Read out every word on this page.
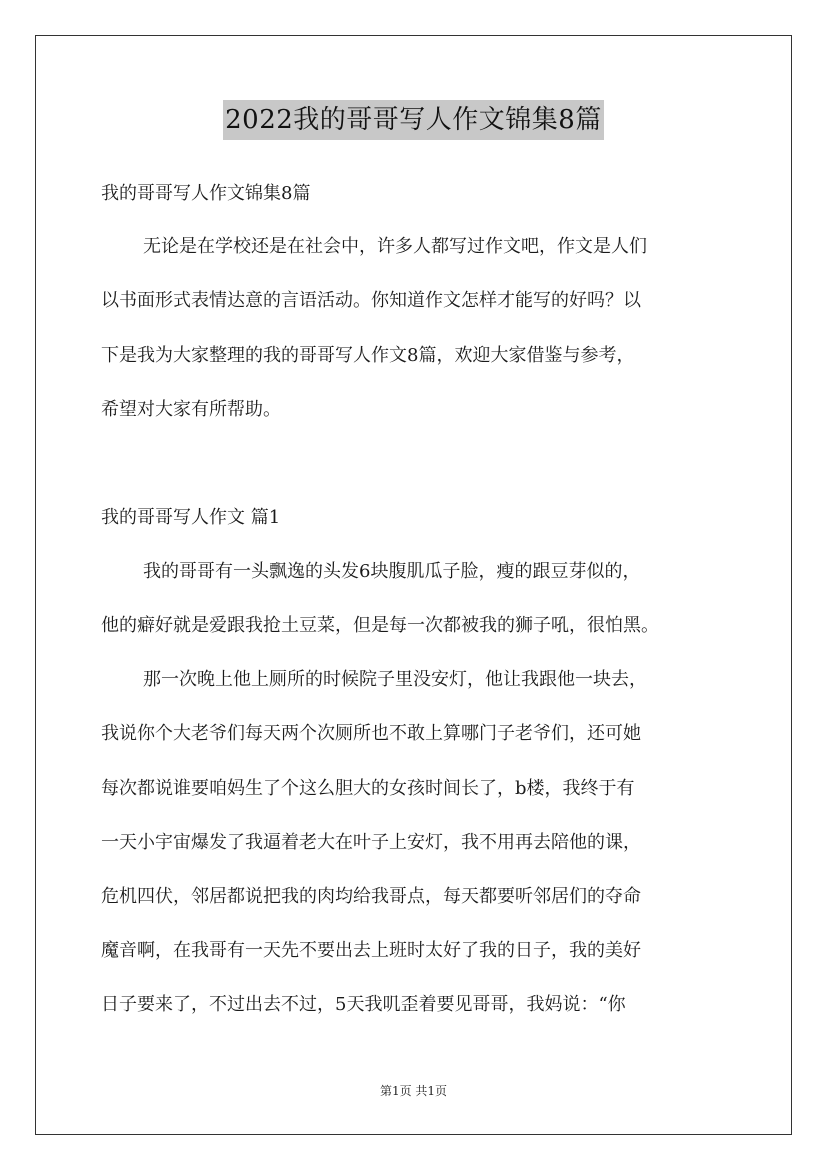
2022我的哥哥写人作文锦集8篇
我的哥哥写人作文锦集8篇
无论是在学校还是在社会中，许多人都写过作文吧，作文是人们
以书面形式表情达意的言语活动。你知道作文怎样才能写的好吗？以
下是我为大家整理的我的哥哥写人作文8篇，欢迎大家借鉴与参考，
希望对大家有所帮助。
我的哥哥写人作文 篇1
我的哥哥有一头飘逸的头发6块腹肌瓜子脸，瘦的跟豆芽似的，
他的癖好就是爱跟我抢土豆菜，但是每一次都被我的狮子吼，很怕黑。
那一次晚上他上厕所的时候院子里没安灯，他让我跟他一块去，
我说你个大老爷们每天两个次厕所也不敢上算哪门子老爷们，还可她
每次都说谁要咱妈生了个这么胆大的女孩时间长了，b楼，我终于有
一天小宇宙爆发了我逼着老大在叶子上安灯，我不用再去陪他的课，
危机四伏，邻居都说把我的肉均给我哥点，每天都要听邻居们的夺命
魔音啊，在我哥有一天先不要出去上班时太好了我的日子，我的美好
日子要来了，不过出去不过，5天我叽歪着要见哥哥，我妈说：“你
第1页 共1页
